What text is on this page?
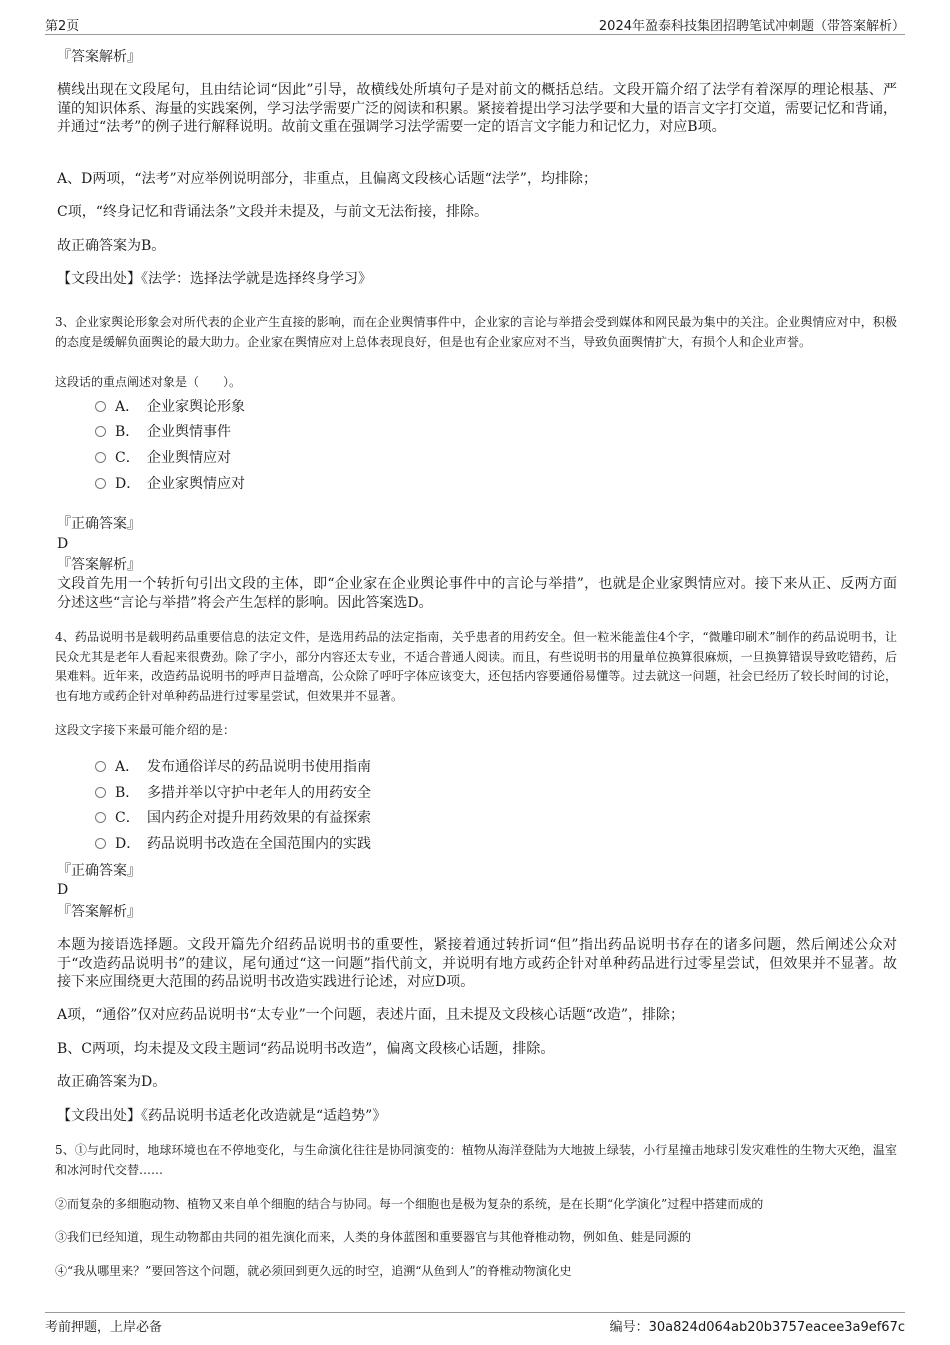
第2页	2024年盈泰科技集团招聘笔试冲刺题（带答案解析）

『答案解析』

横线出现在文段尾句，且由结论词“因此”引导，故横线处所填句子是对前文的概括总结。文段开篇介绍了法学有着深厚的理论根基、严谨的知识体系、海量的实践案例，学习法学需要广泛的阅读和积累。紧接着提出学习法学要和大量的语言文字打交道，需要记忆和背诵，并通过“法考”的例子进行解释说明。故前文重在强调学习法学需要一定的语言文字能力和记忆力，对应B项。

A、D两项，“法考”对应举例说明部分，非重点，且偏离文段核心话题“法学”，均排除；

C项，“终身记忆和背诵法条”文段并未提及，与前文无法衔接，排除。

故正确答案为B。

【文段出处】《法学：选择法学就是选择终身学习》

3、企业家舆论形象会对所代表的企业产生直接的影响，而在企业舆情事件中，企业家的言论与举措会受到媒体和网民最为集中的关注。企业舆情应对中，积极的态度是缓解负面舆论的最大助力。企业家在舆情应对上总体表现良好，但是也有企业家应对不当，导致负面舆情扩大，有损个人和企业声誉。

这段话的重点阐述对象是（　　）。

A． 企业家舆论形象
B． 企业舆情事件
C． 企业舆情应对
D． 企业家舆情应对

『正确答案』

D

『答案解析』

文段首先用一个转折句引出文段的主体，即“企业家在企业舆论事件中的言论与举措”，也就是企业家舆情应对。接下来从正、反两方面分述这些“言论与举措”将会产生怎样的影响。因此答案选D。

4、药品说明书是载明药品重要信息的法定文件，是选用药品的法定指南，关乎患者的用药安全。但一粒米能盖住4个字，“微雕印刷术”制作的药品说明书，让民众尤其是老年人看起来很费劲。除了字小，部分内容还太专业，不适合普通人阅读。而且，有些说明书的用量单位换算很麻烦，一旦换算错误导致吃错药，后果难料。近年来，改造药品说明书的呼声日益增高，公众除了呼吁字体应该变大，还包括内容要通俗易懂等。过去就这一问题，社会已经历了较长时间的讨论，也有地方或药企针对单种药品进行过零星尝试，但效果并不显著。

这段文字接下来最可能介绍的是：

A． 发布通俗详尽的药品说明书使用指南
B． 多措并举以守护中老年人的用药安全
C． 国内药企对提升用药效果的有益探索
D． 药品说明书改造在全国范围内的实践

『正确答案』

D

『答案解析』

本题为接语选择题。文段开篇先介绍药品说明书的重要性，紧接着通过转折词“但”指出药品说明书存在的诸多问题，然后阐述公众对于“改造药品说明书”的建议，尾句通过“这一问题”指代前文，并说明有地方或药企针对单种药品进行过零星尝试，但效果并不显著。故接下来应围绕更大范围的药品说明书改造实践进行论述，对应D项。

A项，“通俗”仅对应药品说明书“太专业”一个问题，表述片面，且未提及文段核心话题“改造”，排除；

B、C两项，均未提及文段主题词“药品说明书改造”，偏离文段核心话题，排除。

故正确答案为D。

【文段出处】《药品说明书适老化改造就是“适趋势”》

5、①与此同时，地球环境也在不停地变化，与生命演化往往是协同演变的：植物从海洋登陆为大地披上绿装，小行星撞击地球引发灾难性的生物大灭绝，温室和冰河时代交替……

②而复杂的多细胞动物、植物又来自单个细胞的结合与协同。每一个细胞也是极为复杂的系统，是在长期“化学演化”过程中搭建而成的

③我们已经知道，现生动物都由共同的祖先演化而来，人类的身体蓝图和重要器官与其他脊椎动物，例如鱼、蛙是同源的

④“我从哪里来？”要回答这个问题，就必须回到更久远的时空，追溯“从鱼到人”的脊椎动物演化史

考前押题，上岸必备	编号：30a824d064ab20b3757eacee3a9ef67c
